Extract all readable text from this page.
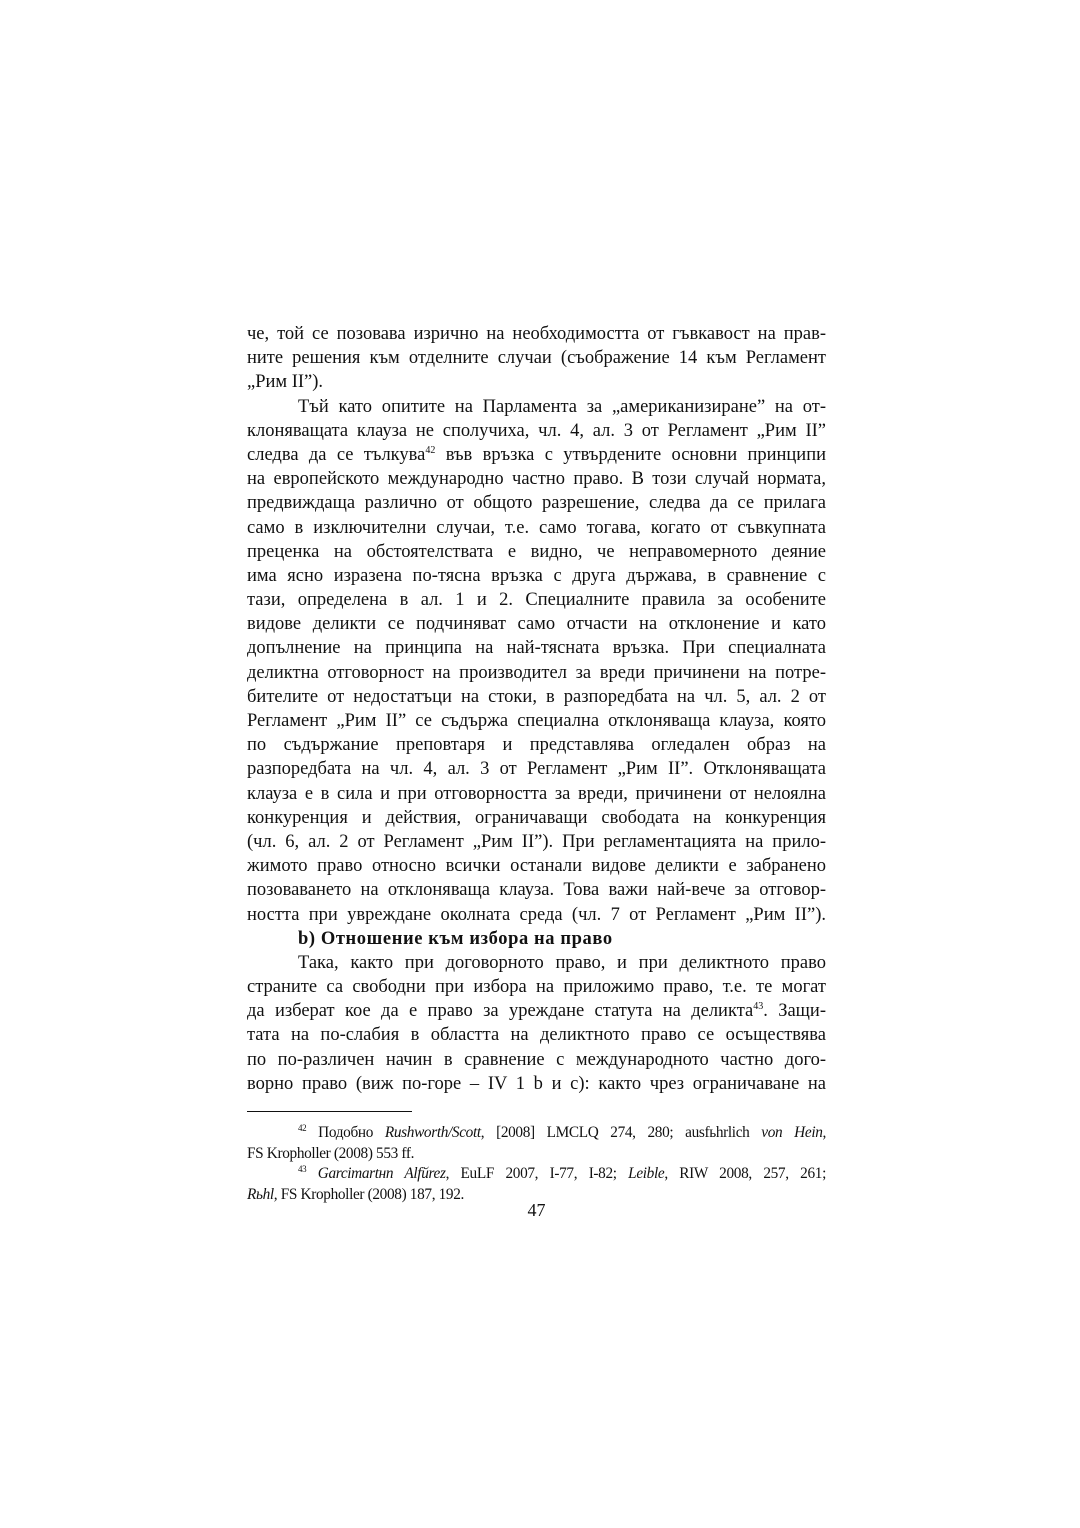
че, той се позовава изрично на необходимостта от гъвкавост на прав-
ните решения към отделните случаи (съображение 14 към Регламент
„Рим II”).
Тъй като опитите на Парламента за „американизиране” на от-
клоняващата клауза не сполучиха, чл. 4, ал. 3 от Регламент „Рим II”
следва да се тълкува$^{42}$ във връзка с утвърдените основни принципи
на европейското международно частно право. В този случай нормата,
предвиждаща различно от общото разрешение, следва да се прилага
само в изключителни случаи, т.е. само тогава, когато от съвкупната
преценка на обстоятелствата е видно, че неправомерното деяние
има ясно изразена по-тясна връзка с друга държава, в сравнение с
тази, определена в ал. 1 и 2. Специалните правила за особените
видове деликти се подчиняват само отчасти на отклонение и като
допълнение на принципа на най-тясната връзка. При специалната
деликтна отговорност на производител за вреди причинени на потре-
бителите от недостатъци на стоки, в разпоредбата на чл. 5, ал. 2 от
Регламент „Рим II” се съдържа специална отклоняваща клауза, която
по съдържание преповтаря и представлява огледален образ на
разпоредбата на чл. 4, ал. 3 от Регламент „Рим II”. Отклоняващата
клауза е в сила и при отговорността за вреди, причинени от нелоялна
конкуренция и действия, ограничаващи свободата на конкуренция
(чл. 6, ал. 2 от Регламент „Рим II”). При регламентацията на прило-
жимото право относно всички останали видове деликти е забранено
позоваването на отклоняваща клауза. Това важи най-вече за отговор-
ността при увреждане околната среда (чл. 7 от Регламент „Рим II”).
b) Отношение към избора на право
Така, както при договорното право, и при деликтното право
страните са свободни при избора на приложимо право, т.е. те могат
да изберат кое да е право за уреждане статута на деликта$^{43}$. Защи-
тата на по-слабия в областта на деликтното право се осъществява
по по-различен начин в сравнение с международното частно дого-
ворно право (виж по-горе – IV 1 b и c): както чрез ограничаване на
$^{42}$ Подобно Rushworth/Scott, [2008] LMCLQ 274, 280; ausfьhrlich von Hein,
FS Kropholler (2008) 553 ff.
$^{43}$ Garcimartнn Alfйrez, EuLF 2007, I-77, I-82; Leible, RIW 2008, 257, 261;
Rьhl, FS Kropholler (2008) 187, 192.
47
